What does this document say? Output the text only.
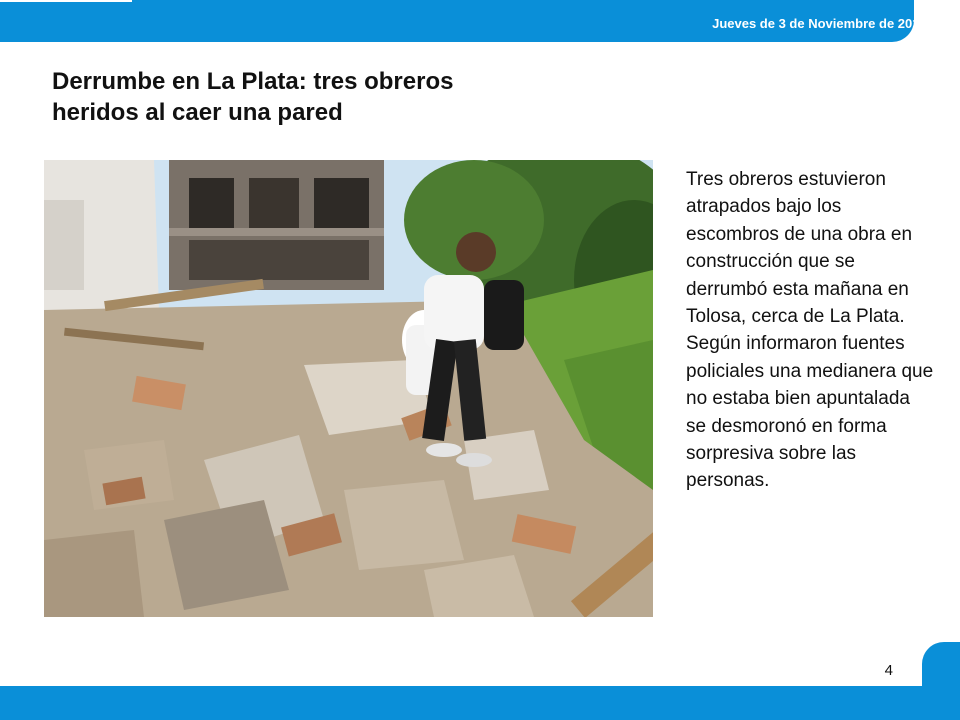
Jueves de 3 de Noviembre de 2011
Derrumbe en La Plata: tres obreros heridos al caer una pared

Tres obreros estuvieron atrapados bajo los escombros de una obra en construcción que se derrumbó esta mañana en Tolosa, cerca de La Plata. Según informaron fuentes policiales una medianera que no estaba bien apuntalada se desmoronó en forma sorpresiva sobre las personas.

4
